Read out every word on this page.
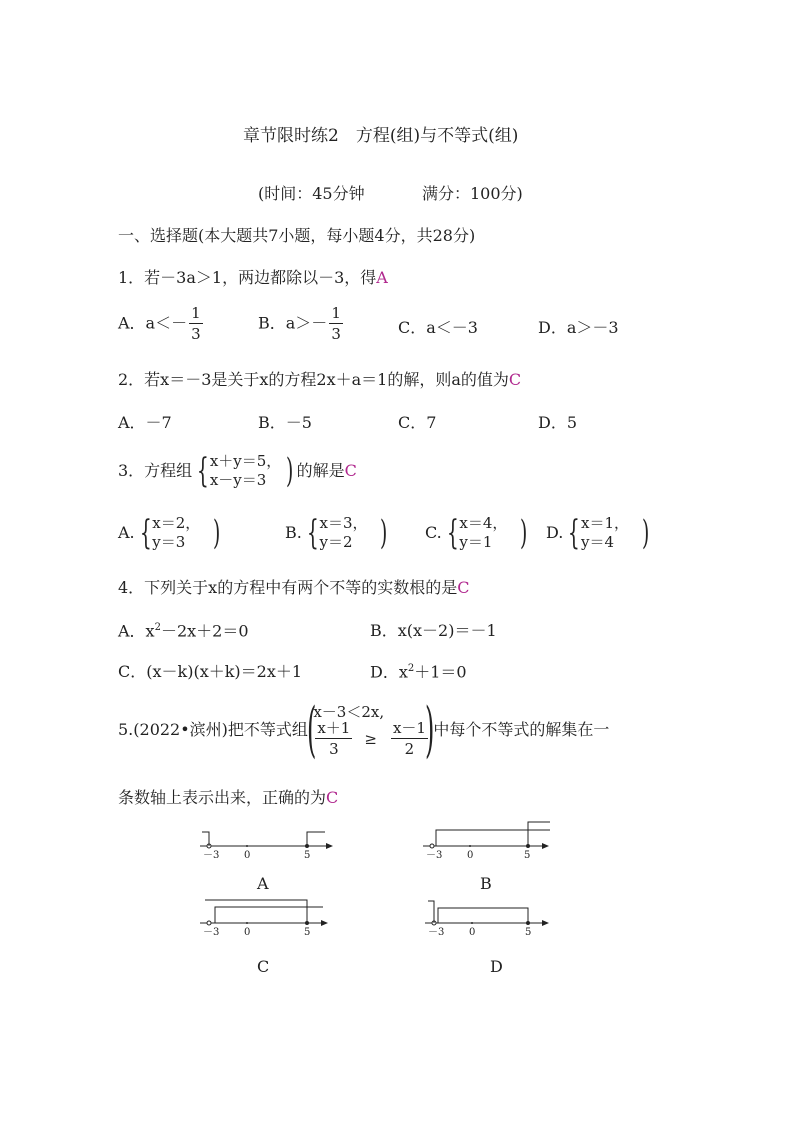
章节限时练2　方程(组)与不等式(组)
(时间：45分钟	满分：100分)
一、选择题(本大题共7小题，每小题4分，共28分)
1．若－3a＞1，两边都除以－3，得A
A．$a<- \frac{1}{3}$	B．$a>- \frac{1}{3}$	C．a＜－3	D．a＞－3
2．若x＝－3是关于x的方程2x＋a＝1的解，则a的值为C
A．－7	B．－5	C．7	D．5
3．方程组 { x＋y＝5，
x－y＝3 ) 的解是 C
A. { x＝2，
y＝3 )	B. { x＝3，
y＝2 ) C. { x＝4，
y＝1 ) D. { x＝1，
y＝4 )
4．下列关于x的方程中有两个不等的实数根的是C
A．$x^2-2x+2=0$	B．x(x－2)＝－1
C．(x－k)(x＋k)＝2x＋1	D．$x^2+1=0$
5.(2022•滨州)把不等式组 (
x－3＜2x,
$\frac{x+1}{3} \ge \frac{x-1}{2}$
) 中每个不等式的解集在一
条数轴上表示出来，正确的为C
－3 0	5
A
－3 0	5
B
－3 0	5
C
－3 0	5
D
